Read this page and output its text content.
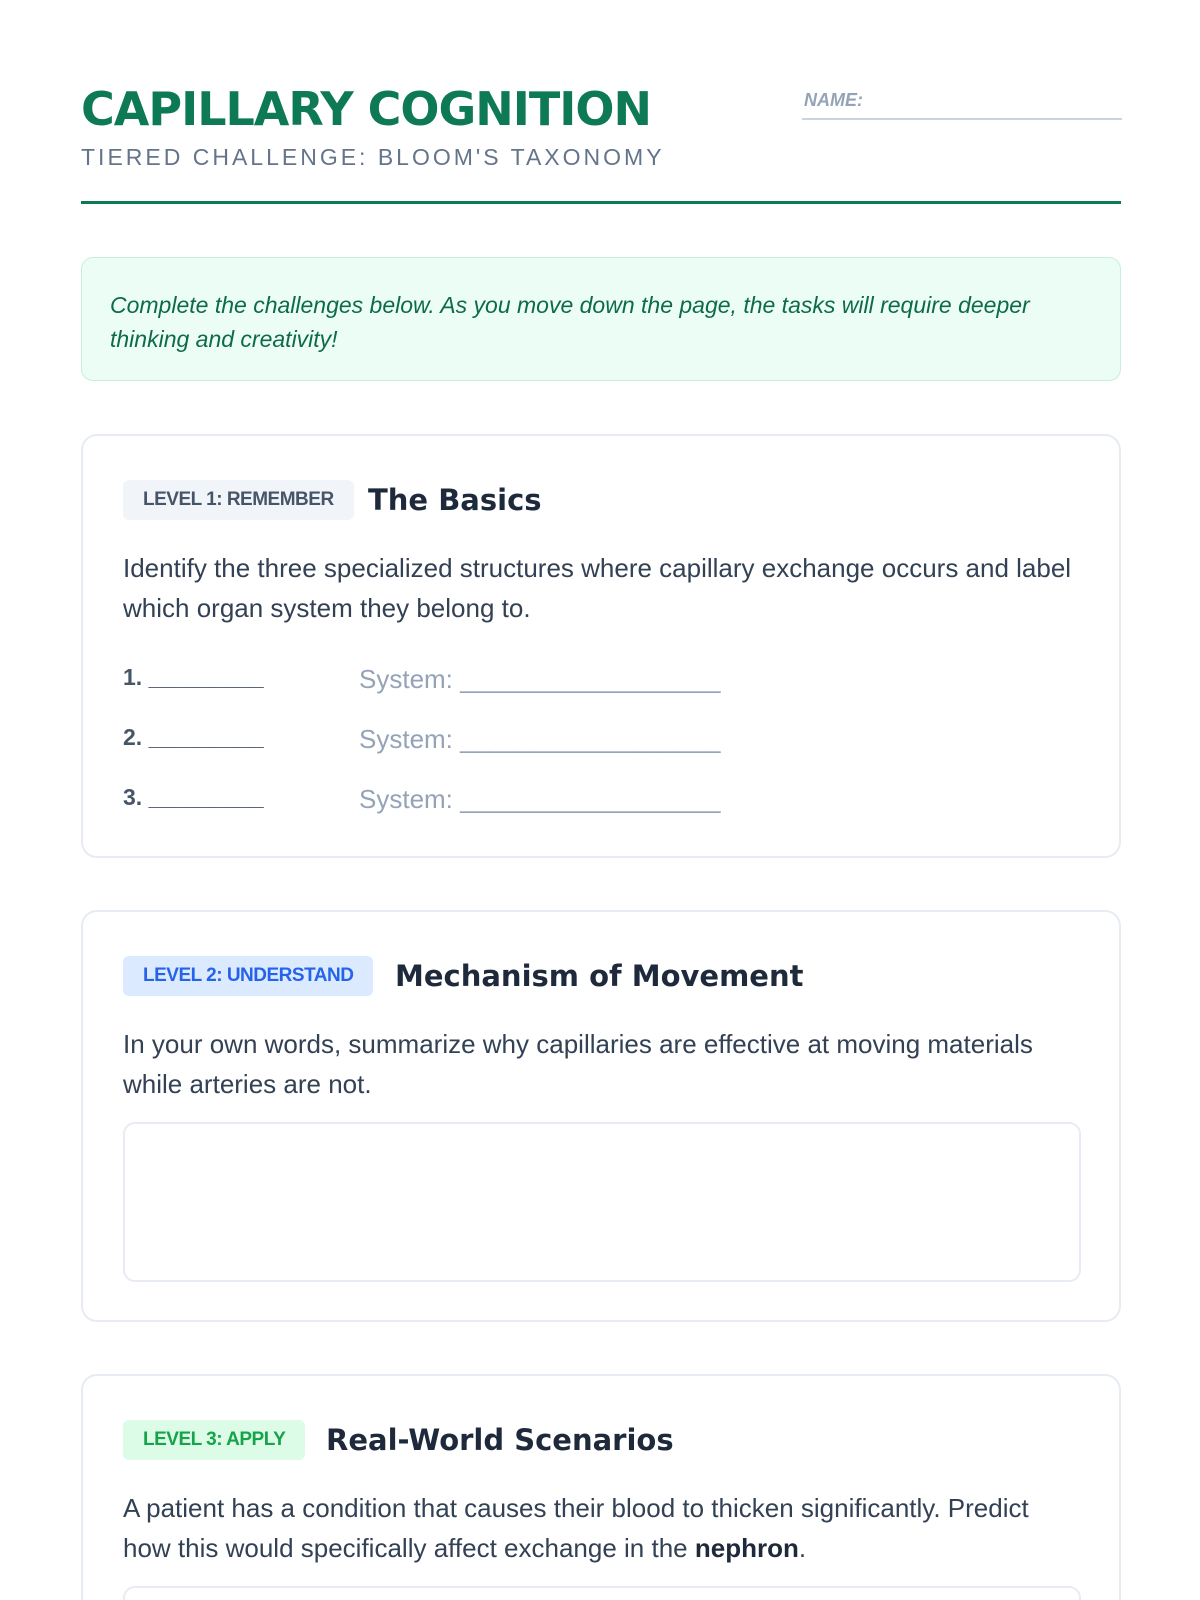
CAPILLARY COGNITION
TIERED CHALLENGE: BLOOM'S TAXONOMY
NAME:
Complete the challenges below. As you move down the page, the tasks will require deeper thinking and creativity!
LEVEL 1: REMEMBER	The Basics
Identify the three specialized structures where capillary exchange occurs and label which organ system they belong to.
1. _________	System: __________________
2. _________	System: __________________
3. _________	System: __________________
LEVEL 2: UNDERSTAND	Mechanism of Movement
In your own words, summarize why capillaries are effective at moving materials while arteries are not.
LEVEL 3: APPLY	Real-World Scenarios
A patient has a condition that causes their blood to thicken significantly. Predict how this would specifically affect exchange in the nephron.
